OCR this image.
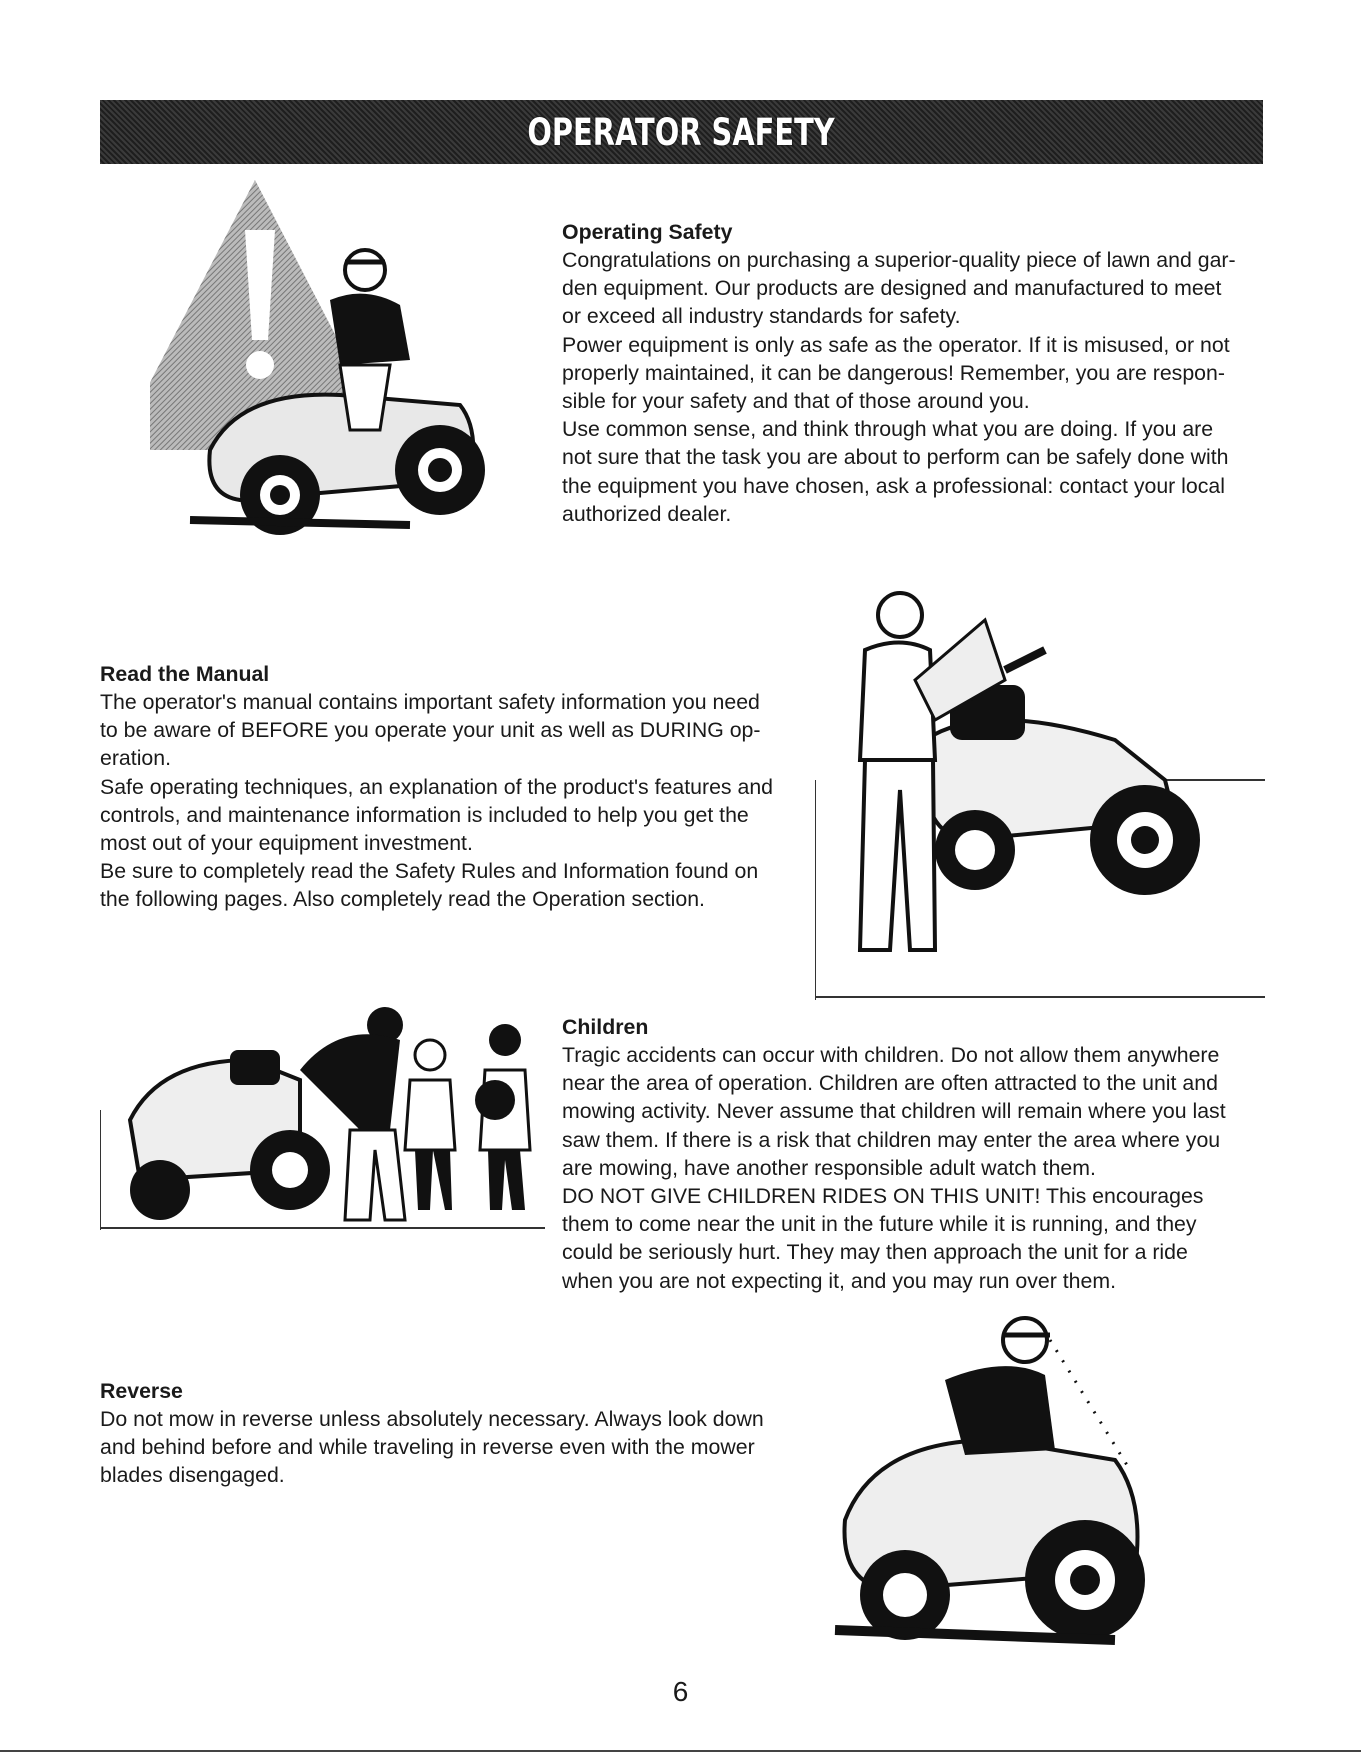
OPERATOR SAFETY
Operating Safety

Congratulations on purchasing a superior-quality piece of lawn and gar-

den equipment. Our products are designed and manufactured to meet

or exceed all industry standards for safety.

Power equipment is only as safe as the operator. If it is misused, or not

properly maintained, it can be dangerous! Remember, you are respon-

sible for your safety and that of those around you.

Use common sense, and think through what you are doing. If you are

not sure that the task you are about to perform can be safely done with

the equipment you have chosen, ask a professional: contact your local

authorized dealer.

Read the Manual

The operator's manual contains important safety information you need

to be aware of BEFORE you operate your unit as well as DURING op-

eration.

Safe operating techniques, an explanation of the product's features and

controls, and maintenance information is included to help you get the

most out of your equipment investment.

Be sure to completely read the Safety Rules and Information found on

the following pages. Also completely read the Operation section.

Children

Tragic accidents can occur with children. Do not allow them anywhere

near the area of operation. Children are often attracted to the unit and

mowing activity. Never assume that children will remain where you last

saw them. If there is a risk that children may enter the area where you

are mowing, have another responsible adult watch them.

DO NOT GIVE CHILDREN RIDES ON THIS UNIT! This encourages

them to come near the unit in the future while it is running, and they

could be seriously hurt. They may then approach the unit for a ride

when you are not expecting it, and you may run over them.

Reverse

Do not mow in reverse unless absolutely necessary. Always look down

and behind before and while traveling in reverse even with the mower

blades disengaged.

6
